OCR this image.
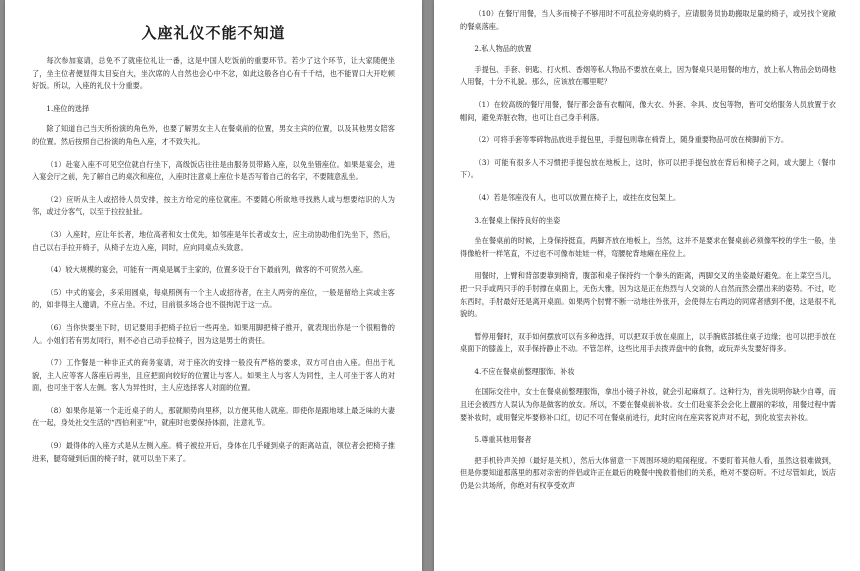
入座礼仪不能不知道

每次参加宴请，总免不了就座位礼让一番，这是中国人吃饭前的重要环节。若少了这个环节，让大家随便坐了，坐主位者便显得太目妄自大，坐次席的人自然也会心中不忿，如此这般各自心有千千结，也不能胃口大开吃顿好饭。所以，入座的礼仪十分重要。

1.座位的选择

除了知道自己当天所扮演的角色外，也要了解男女主人在餐桌前的位置，男女主宾的位置，以及其他男女陪客的位置。然后按照自己扮演的角色入座，才不致失礼。

（1）赴宴入座不可见空位就自行坐下，高级饭店往往是由服务员带路入座，以免坐错座位。如果是宴会，进入宴会厅之前，先了解自己的桌次和座位，入座时注意桌上座位卡是否写着自己的名字，不要随意乱坐。

（2）应听从主人或招待人员安排，按主方给定的座位就座。不要随心所欲地寻找熟人或与想要结识的人为邻，或过分客气，以至于拉拉扯扯。

（3）入座时，应让年长者，地位高者和女士优先，如邻座是年长者或女士，应主动协助他们先坐下，然后，自己以右手拉开椅子，从椅子左边入座，同时，应向同桌点头致意。

（4）较大规模的宴会，可能有一两桌是属于主家的，位置多设于台下最前列，做客的不可贸然入座。

（5）中式的宴会，多采用圆桌，每桌照例有一个主人或招待者，在主人两旁的座位，一般是留给上宾或主客的，如非得主人邀请，不应占坐。不过，目前很多场合也不很拘泥于这一点。

（6）当你快要坐下时，切记要用手把椅子拉后一些再坐。如果用脚把椅子推开，就表现出你是一个很粗鲁的人。小姐们若有男友同行，则不必自己动手拉椅子，因为这是男士的责任。

（7）工作餐是一种非正式的商务宴请，对于座次的安排一般没有严格的要求，双方可自由入座。但出于礼貌，主人应等客人落座后再坐，且应把面向较好的位置让与客人。如果主人与客人为同性，主人可坐于客人的对面，也可坐于客人左侧。客人为异性时，主人应选择客人对面的位置。

（8）如果你是第一个走近桌子的人，那就顺势向里移，以方便其他人就座。即使你是跟地球上最乏味的大妻在一起，身处社交生活的“西伯利亚”中，就座时也要保持体面，注意礼节。

（9）最得体的入座方式是从左侧入座。椅子被拉开后，身体在几乎碰到桌子的距离站直，领位者会把椅子推进来，腿弯碰到后面的椅子时，就可以坐下来了。

（10）在餐厅用餐，当人多而椅子不够用时不可乱拉旁桌的椅子，应请服务员协助搬取足量的椅子，或另找个宽敞的餐桌落座。

2.私人物品的放置

手提包、手套、钥匙、打火机、香烟等私人物品不要放在桌上，因为餐桌只是用餐的地方，放上私人物品会妨碍他人用餐，十分不礼貌。那么，应该放在哪里呢？

（1）在较高级的餐厅用餐，餐厅都会备有衣帽间，像大衣、外套、伞具、皮包等物，皆可交给服务人员放置于衣帽间，避免弄脏衣物，也可让自己身手利落。

（2）可将手套等零碎物品放进手提包里，手提包则靠在椅背上，随身重要物品可放在椅脚前下方。

（3）可能有很多人不习惯把手提包放在地板上，这时，你可以把手提包放在背后和椅子之间，或大腿上（餐巾下）。

（4）若是邻座没有人，也可以放置在椅子上，或挂在皮包架上。

3.在餐桌上保持良好的坐姿

坐在餐桌前的时候，上身保持挺直，两脚齐放在地板上，当然，这并不是要求在餐桌前必须像军校的学生一般，坐得像枪杆一样笔直，不过也不可像布娃娃一样，弯腰驼背地瘫在座位上。

用餐时，上臂和背部要靠到椅背，腹部和桌子保持约一个拳头的距离，两脚交叉的坐姿最好避免。在上菜空当儿，把一只手或两只手的手肘撑在桌面上，无伤大雅，因为这是正在热烈与人交谈的人自然而然会摆出来的姿势。不过，吃东西时，手肘最好还是离开桌面。如果两个肘臂不断一动地往外张开，会使得左右两边的同席者感到不便，这是很不礼貌的。

暂停用餐时，双手如何摆放可以有多种选择，可以把双手放在桌面上，以手腕底部抵住桌子边缘；也可以把手放在桌面下的膝盖上，双手保持静止不动。不管怎样，这些比用手去拨弄盘中的食物，或玩弄头发要好得多。

4.不应在餐桌前整理服饰、补妆

在国际交往中，女士在餐桌前整理服饰，拿出小镜子补妆，就会引起麻烦了。这种行为，首先说明你缺少自尊，而且还会被西方人误认为你是做客的放女。所以，不要在餐桌前补妆。女士们赴宴茶会会化上靓丽的彩妆，用餐过程中需要补妆时，或用餐完毕要修补口红，切记不可在餐桌前进行，此时应向在座宾客说声对不起，到化妆室去补妆。

5.尊重其他用餐者

把手机铃声关掉（最好是关机），然后大体留意一下周围环境的喧闹程度。不要盯着其他人看，虽然这很难做到，但是你要知道那落里的那对亲密的伴侣或许正在最后的晚餐中挽救着他们的关系，绝对不要窃听。不过尽管如此，饭店仍是公共场所，你绝对有权享受欢声
